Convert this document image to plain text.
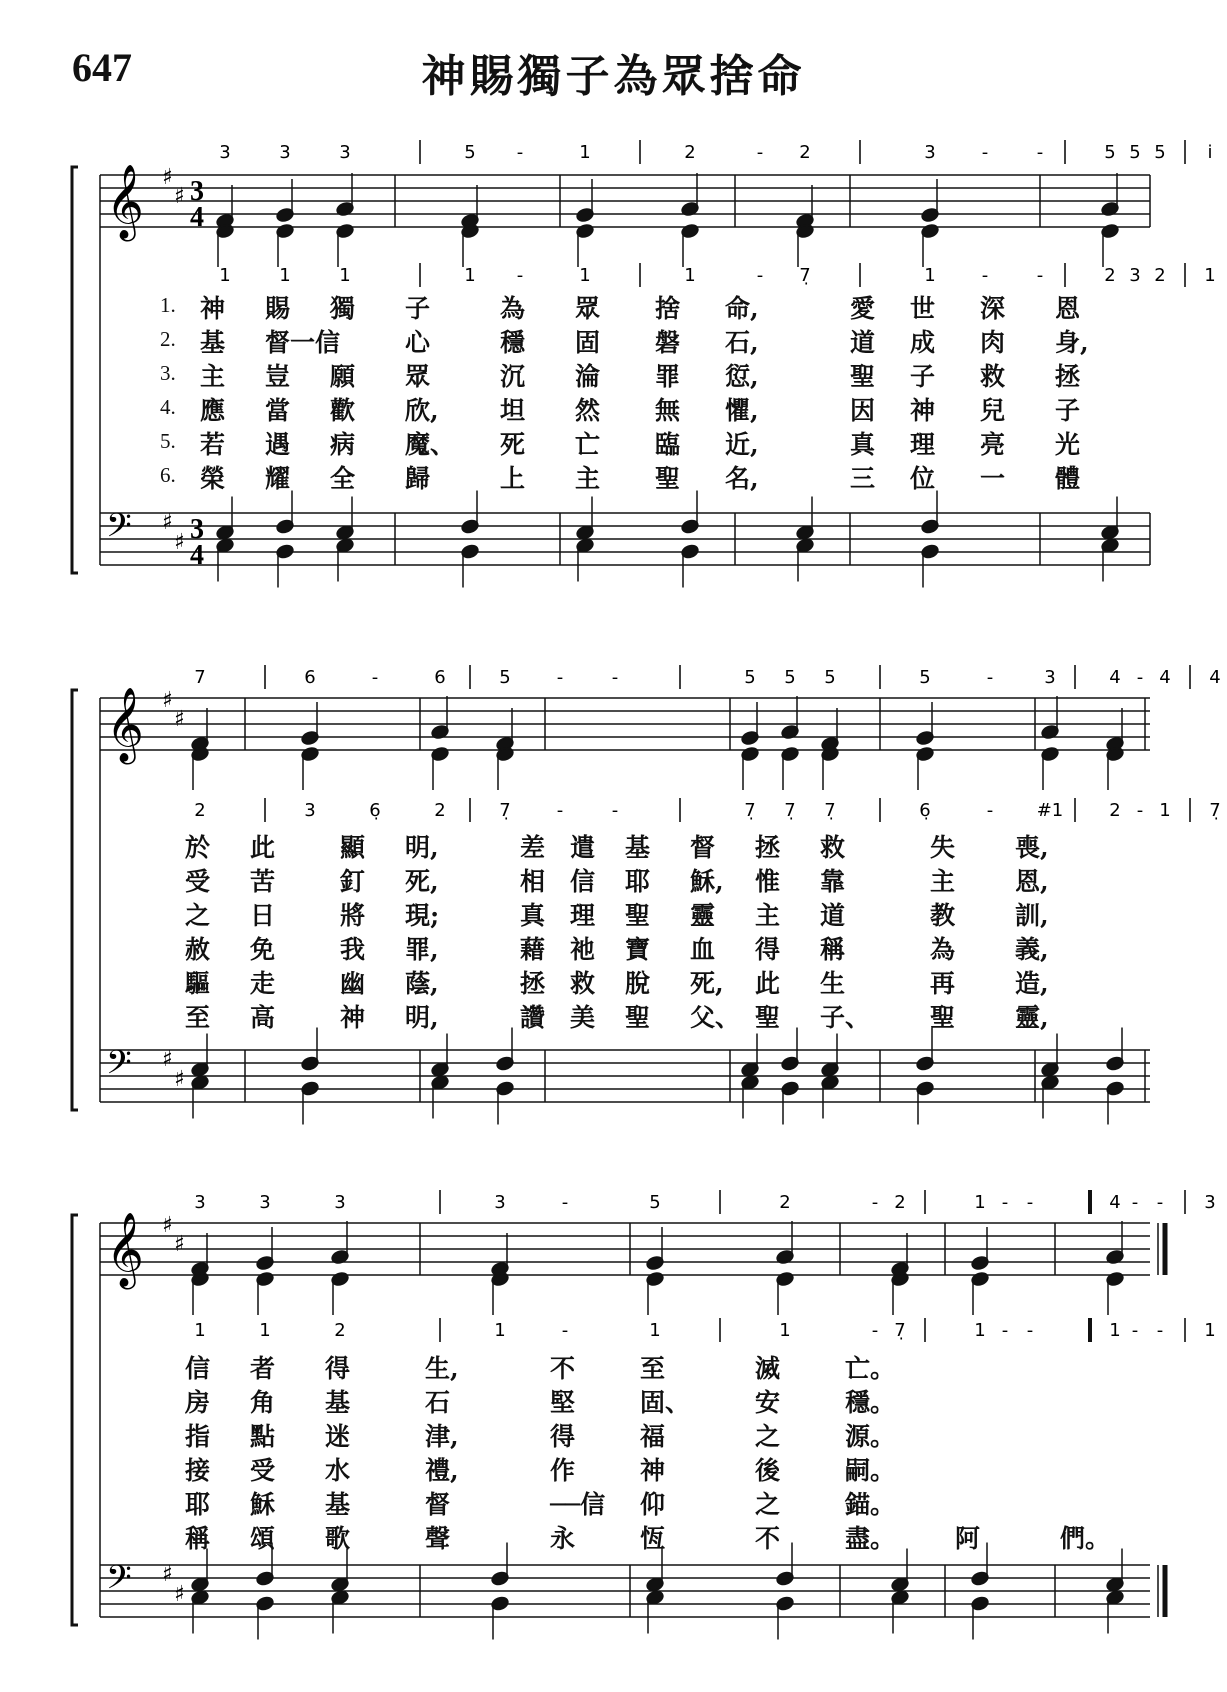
647	神賜獨子為眾捨命
3	3	3	5 -	1	2	- 2	3	-	-	5 5 5 i
1	1	1	1 -	1	1	- 7̣	1	-	-	2 3 2 1
𝄞 ♯
♯ 3
4
𝄢 ♯
♯ 3
4
7	6	-	6	5	-	-	5 5 5	5	-	3	4 - 4 4
2	3	6̣	2	7̣	-	-	7̣ 7̣ 7̣	6̣	- #1	2 - 1 7̣
𝄞 ♯
♯
𝄢 ♯
♯
3	3	3	3	-	5	2	- 2	1 - -	4 - - 3
1	1	2	1	-	1	1	- 7̣	1 - -	1 - - 1
𝄞 ♯
♯
𝄢 ♯
♯
1. 神 賜 獨 子	為 眾 捨 命,	愛 世 深 恩
2. 基 督一信	心	穩 固 磐 石,	道 成 肉 身,
3. 主 豈 願 眾	沉 淪 罪 愆,	聖 子 救 拯
4. 應 當 歡 欣, 坦 然 無 懼,	因 神 兒 子
5. 若 遇 病 魔、 死 亡 臨 近,	真 理 亮 光
6. 榮 耀 全 歸	上 主 聖 名,	三 位 一 體
於 此	顯 明,	差 遣 基 督 拯 救	失 喪,
受 苦	釘 死,	相 信 耶 穌, 惟 靠	主 恩,
之 日	將 現;	真 理 聖 靈 主 道	教 訓,
赦 免	我 罪,	藉 祂 寶 血 得 稱	為 義,
驅 走	幽 蔭,	拯 救 脫 死, 此 生	再 造,
至 高	神 明,	讚 美 聖 父、 聖 子、 聖 靈,
信 者 得	生,	不	至	滅	亡。
房 角 基	石	堅	固、	安	穩。
指 點 迷	津,	得	福	之	源。
接 受 水	禮,	作	神	後	嗣。
耶 穌 基	督	──信 仰	之	錨。
稱 頌 歌	聲	永	恆	不	盡。 阿	們。
